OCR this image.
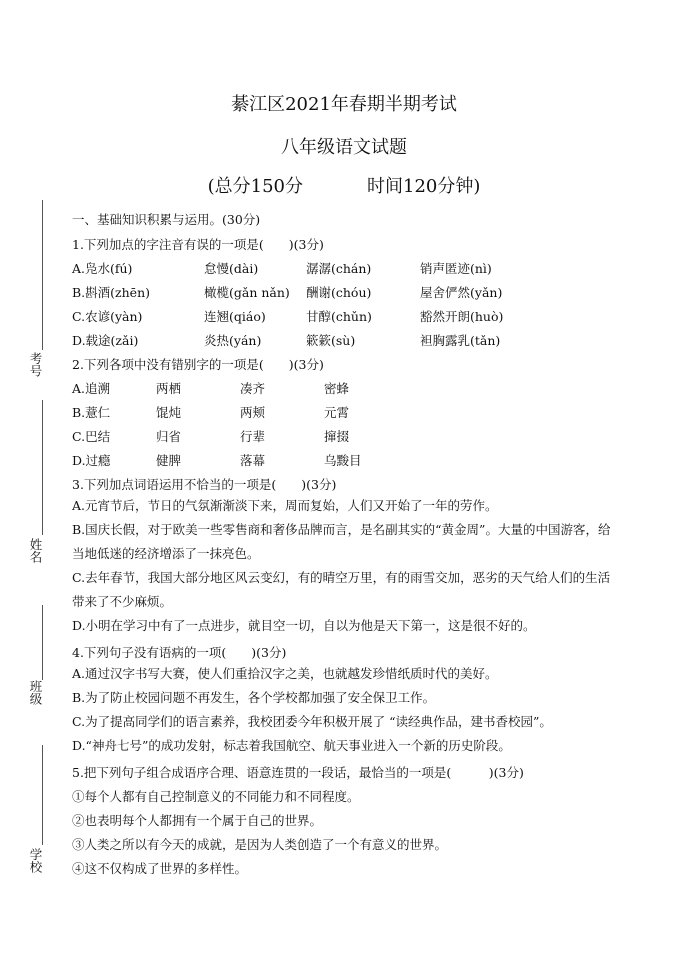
考号
姓名
班级
学校
綦江区2021年春期半期考试
八年级语文试题
(总分150分	时间120分钟)
一、基础知识积累与运用。(30分)
1.下列加点的字注音有误的一项是(　　)(3分)
A.凫水(fú)	怠慢(dài)	潺潺(chán)	销声匿迹(nì)
B.斟酒(zhēn)	橄榄(gǎn nǎn)	酬谢(chóu)	屋舍俨然(yǎn)
C.农谚(yàn)	连翘(qiáo)	甘醇(chǔn)	豁然开朗(huò)
D.载途(zǎi)	炎热(yán)	簌簌(sù)	袒胸露乳(tǎn)
2.下列各项中没有错别字的一项是(　　)(3分)
A.追溯	两栖	凑齐	密蜂
B.薏仁	馄炖	两颊	元霄
C.巴结	归省	行辈	撺掇
D.过瘾	健脾	落幕	乌黢目
3.下列加点词语运用不恰当的一项是(　　)(3分)
A.元宵节后，节日的气氛渐渐淡下来，周而复始，人们又开始了一年的劳作。
B.国庆长假，对于欧美一些零售商和奢侈品牌而言，是名副其实的“黄金周”。大量的中国游客，给当地低迷的经济增添了一抹亮色。
C.去年春节，我国大部分地区风云变幻，有的晴空万里，有的雨雪交加，恶劣的天气给人们的生活带来了不少麻烦。
D.小明在学习中有了一点进步，就目空一切，自以为他是天下第一，这是很不好的。
4.下列句子没有语病的一项(　　)(3分)
A.通过汉字书写大赛，使人们重拾汉字之美，也就越发珍惜纸质时代的美好。
B.为了防止校园问题不再发生，各个学校都加强了安全保卫工作。
C.为了提高同学们的语言素养，我校团委今年积极开展了 “读经典作品，建书香校园”。
D.“神舟七号”的成功发射，标志着我国航空、航天事业进入一个新的历史阶段。
5.把下列句子组合成语序合理、语意连贯的一段话，最恰当的一项是(　　　)(3分)
①每个人都有自己控制意义的不同能力和不同程度。
②也表明每个人都拥有一个属于自己的世界。
③人类之所以有今天的成就，是因为人类创造了一个有意义的世界。
④这不仅构成了世界的多样性。
